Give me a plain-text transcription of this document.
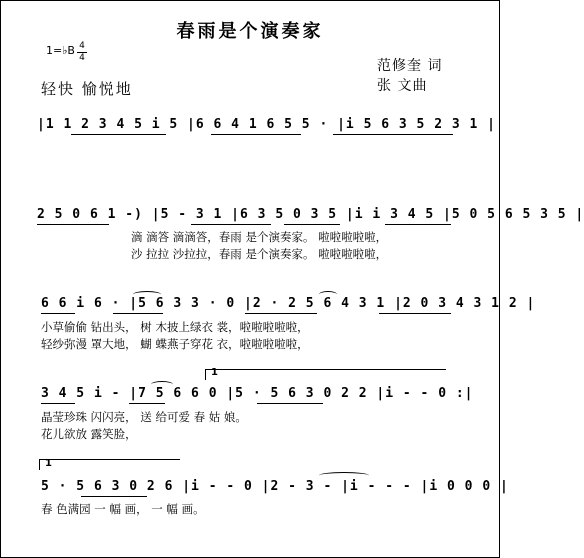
春雨是个演奏家
1=♭B 4
4
轻快 愉悦地
范修奎 词
张 文曲
|1 1 2 3 4 5 i 5 |6 6 4 1 6 5 5 · |i 5 6 3 5 2 3 1 |
2 5 0 6 1 -) |5 - 3 1 |6 3 5 0 3 5 |i i 3 4 5 |5 0 5 6 5 3 5 |
滴 滴答 滴滴答，春雨 是个演奏家。 啦啦啦啦啦，
沙 拉拉 沙拉拉，春雨 是个演奏家。 啦啦啦啦啦，
6 6 i 6 · |5 6 3 3 · 0 |2 · 2 5 6 4 3 1 |2 0 3 4 3 1 2 |
小草偷偷 钻出头， 树 木披上绿衣 裳，啦啦啦啦啦，
轻纱弥漫 罩大地， 蝴 蝶燕子穿花 衣，啦啦啦啦啦，
1
3 4 5 i - |7 5 6 6 0 |5 · 5 6 3 0 2 2 |i - - 0 :|
晶莹珍珠 闪闪亮， 送 给可爱 春 姑 娘。
花儿欲放 露笑脸，
1
5 · 5 6 3 0 2 6 |i - - 0 |2 - 3 - |i - - - |i 0 0 0 |
春 色满园 一 幅 画， 一 幅 画。
